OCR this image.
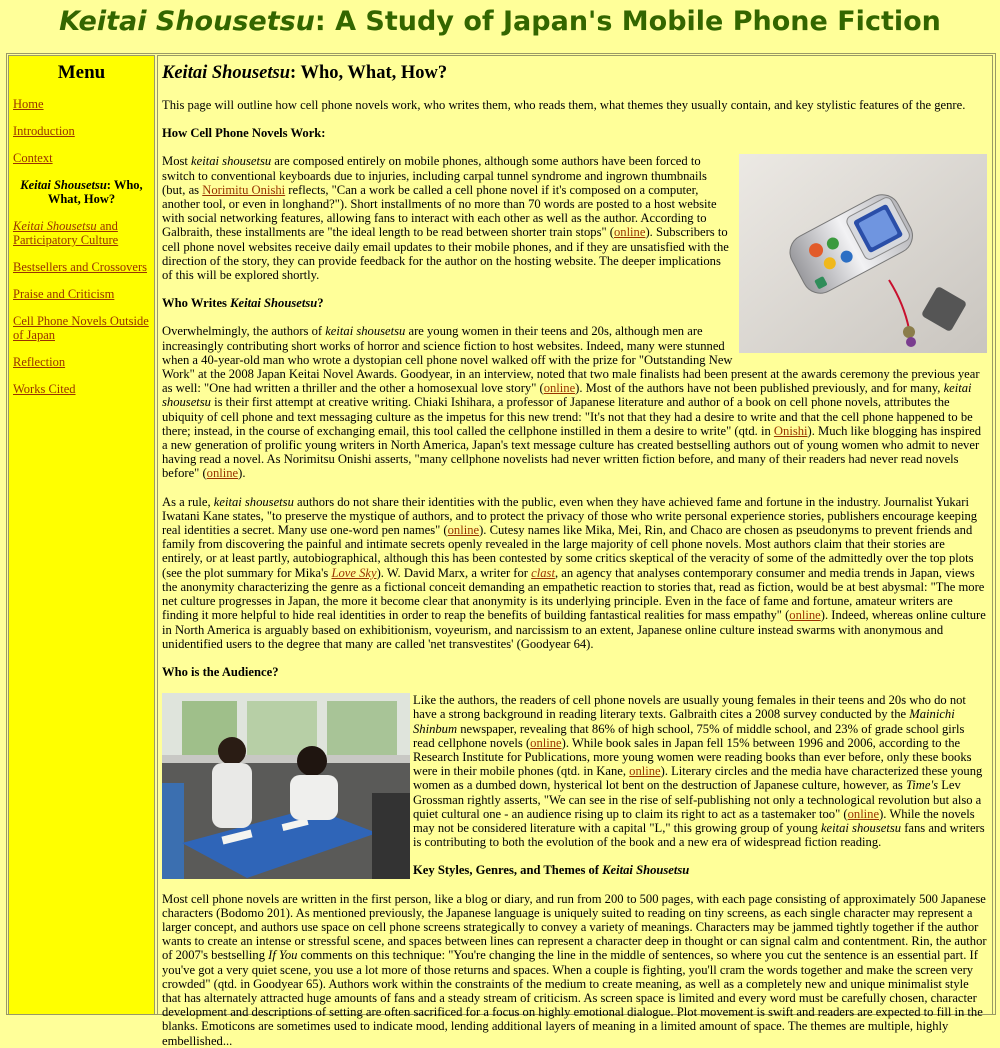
Keitai Shousetsu: A Study of Japan's Mobile Phone Fiction
Menu
Home
Introduction
Context
Keitai Shousetsu: Who, What, How?
Keitai Shousetsu and Participatory Culture
Bestsellers and Crossovers
Praise and Criticism
Cell Phone Novels Outside of Japan
Reflection
Works Cited
Keitai Shousetsu: Who, What, How?

This page will outline how cell phone novels work, who writes them, who reads them, what themes they usually contain, and key stylistic features of the genre.

How Cell Phone Novels Work:

Most keitai shousetsu are composed entirely on mobile phones, although some authors have been forced to switch to conventional keyboards due to injuries, including carpal tunnel syndrome and ingrown thumbnails (but, as Norimitu Onishi reflects, "Can a work be called a cell phone novel if it's composed on a computer, another tool, or even in longhand?"). Short installments of no more than 70 words are posted to a host website with social networking features, allowing fans to interact with each other as well as the author. According to Galbraith, these installments are "the ideal length to be read between shorter train stops" (online). Subscribers to cell phone novel websites receive daily email updates to their mobile phones, and if they are unsatisfied with the direction of the story, they can provide feedback for the author on the hosting website. The deeper implications of this will be explored shortly.

Who Writes Keitai Shousetsu?

Overwhelmingly, the authors of keitai shousetsu are young women in their teens and 20s, although men are increasingly contributing short works of horror and science fiction to host websites. Indeed, many were stunned when a 40-year-old man who wrote a dystopian cell phone novel walked off with the prize for "Outstanding New Work" at the 2008 Japan Keitai Novel Awards. Goodyear, in an interview, noted that two male finalists had been present at the awards ceremony the previous year as well: "One had written a thriller and the other a homosexual love story" (online). Most of the authors have not been published previously, and for many, keitai shousetsu is their first attempt at creative writing. Chiaki Ishihara, a professor of Japanese literature and author of a book on cell phone novels, attributes the ubiquity of cell phone and text messaging culture as the impetus for this new trend: "It's not that they had a desire to write and that the cell phone happened to be there; instead, in the course of exchanging email, this tool called the cellphone instilled in them a desire to write" (qtd. in Onishi). Much like blogging has inspired a new generation of prolific young writers in North America, Japan's text message culture has created bestselling authors out of young women who admit to never having read a novel. As Norimitsu Onishi asserts, "many cellphone novelists had never written fiction before, and many of their readers had never read novels before" (online).

As a rule, keitai shousetsu authors do not share their identities with the public, even when they have achieved fame and fortune in the industry. Journalist Yukari Iwatani Kane states, "to preserve the mystique of authors, and to protect the privacy of those who write personal experience stories, publishers encourage keeping real identities a secret. Many use one-word pen names" (online). Cutesy names like Mika, Mei, Rin, and Chaco are chosen as pseudonyms to prevent friends and family from discovering the painful and intimate secrets openly revealed in the large majority of cell phone novels. Most authors claim that their stories are entirely, or at least partly, autobiographical, although this has been contested by some critics skeptical of the veracity of some of the admittedly over the top plots (see the plot summary for Mika's Love Sky). W. David Marx, a writer for clast, an agency that analyses contemporary consumer and media trends in Japan, views the anonymity characterizing the genre as a fictional conceit demanding an empathetic reaction to stories that, read as fiction, would be at best abysmal: "The more net culture progresses in Japan, the more it become clear that anonymity is its underlying principle. Even in the face of fame and fortune, amateur writers are finding it more helpful to hide real identities in order to reap the benefits of building fantastical realities for mass empathy" (online). Indeed, whereas online culture in North America is arguably based on exhibitionism, voyeurism, and narcissism to an extent, Japanese online culture instead swarms with anonymous and unidentified users to the degree that many are called 'net transvestites' (Goodyear 64).

Who is the Audience?

Like the authors, the readers of cell phone novels are usually young females in their teens and 20s who do not have a strong background in reading literary texts. Galbraith cites a 2008 survey conducted by the Mainichi Shinbum newspaper, revealing that 86% of high school, 75% of middle school, and 23% of grade school girls read cellphone novels (online). While book sales in Japan fell 15% between 1996 and 2006, according to the Research Institute for Publications, more young women were reading books than ever before, only these books were in their mobile phones (qtd. in Kane, online). Literary circles and the media have characterized these young women as a dumbed down, hysterical lot bent on the destruction of Japanese culture, however, as Time's Lev Grossman rightly asserts, "We can see in the rise of self-publishing not only a technological revolution but also a quiet cultural one - an audience rising up to claim its right to act as a tastemaker too" (online). While the novels may not be considered literature with a capital "L," this growing group of young keitai shousetsu fans and writers is contributing to both the evolution of the book and a new era of widespread fiction reading.

Key Styles, Genres, and Themes of Keitai Shousetsu

Most cell phone novels are written in the first person, like a blog or diary, and run from 200 to 500 pages, with each page consisting of approximately 500 Japanese characters (Bodomo 201). As mentioned previously, the Japanese language is uniquely suited to reading on tiny screens, as each single character may represent a larger concept, and authors use space on cell phone screens strategically to convey a variety of meanings. Characters may be jammed tightly together if the author wants to create an intense or stressful scene, and spaces between lines can represent a character deep in thought or can signal calm and contentment. Rin, the author of 2007's bestselling If You comments on this technique: "You're changing the line in the middle of sentences, so where you cut the sentence is an essential part. If you've got a very quiet scene, you use a lot more of those returns and spaces. When a couple is fighting, you'll cram the words together and make the screen very crowded" (qtd. in Goodyear 65). Authors work within the constraints of the medium to create meaning, as well as a completely new and unique minimalist style that has alternately attracted huge amounts of fans and a steady stream of criticism. As screen space is limited and every word must be carefully chosen, character development and descriptions of setting are often sacrificed for a focus on highly emotional dialogue. Plot movement is swift and readers are expected to fill in the blanks. Emoticons are sometimes used to indicate mood, lending additional layers of meaning in a limited amount of space. The themes are multiple, highly embellished...
